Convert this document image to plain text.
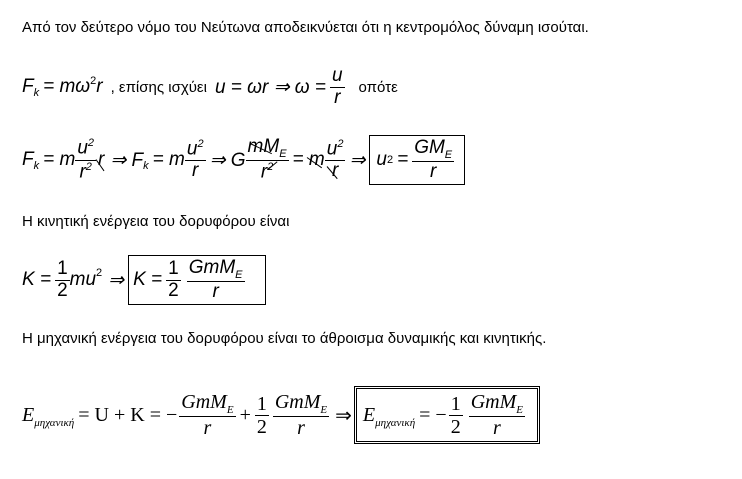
Από τον δεύτερο νόμο του Νεύτωνα αποδεικνύεται ότι η κεντρομόλος δύναμη ισούται.
F k = mω 2 r , επίσης ισχύει u = ωr ⇒ $\omega = \frac{u}{r}$ οπότε
F k = m $\frac{u^2}{r^2}$ r ⇒ F k = m $\frac{u^2}{r}$ ⇒ G $\frac{mM_E}{r^2} = m \frac{u^2}{r}$ ⇒ u $2 = \frac{GM_E}{r}$
Η κινητική ενέργεια του δορυφόρου είναι
$K = \frac{1}{2} mu^2$ ⇒ $K = \frac{1}{2} \frac{GmM_E}{r}$
Η μηχανική ενέργεια του δορυφόρου είναι το άθροισμα δυναμικής και κινητικής.
E μηχανική = U + K = − $\frac{GmM_E}{r} + \frac{1}{2} \frac{GmM_E}{r}$ ⇒ E μηχανική = − $\frac{1}{2} \frac{GmM_E}{r}$
